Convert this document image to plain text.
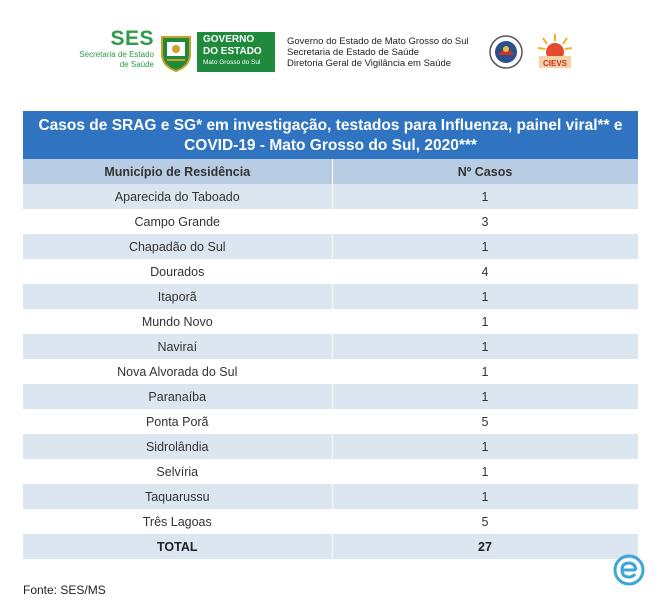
SES
Secretaria de Estado
de Saúde
GOVERNO
DO ESTADO
Mato Grosso do Sul
Governo do Estado de Mato Grosso do Sul
Secretaria de Estado de Saúde
Diretoria Geral de Vigilância em Saúde	CIEVS
Casos de SRAG e SG* em investigação, testados para Influenza, painel viral** e COVID-19 - Mato Grosso do Sul, 2020***
Município de Residência	Nº Casos
Aparecida do Taboado	1
Campo Grande	3
Chapadão do Sul	1
Dourados	4
Itaporã	1
Mundo Novo	1
Naviraí	1
Nova Alvorada do Sul	1
Paranaíba	1
Ponta Porã	5
Sidrolândia	1
Selvíria	1
Taquarussu	1
Três Lagoas	5
TOTAL	27
Fonte: SES/MS
